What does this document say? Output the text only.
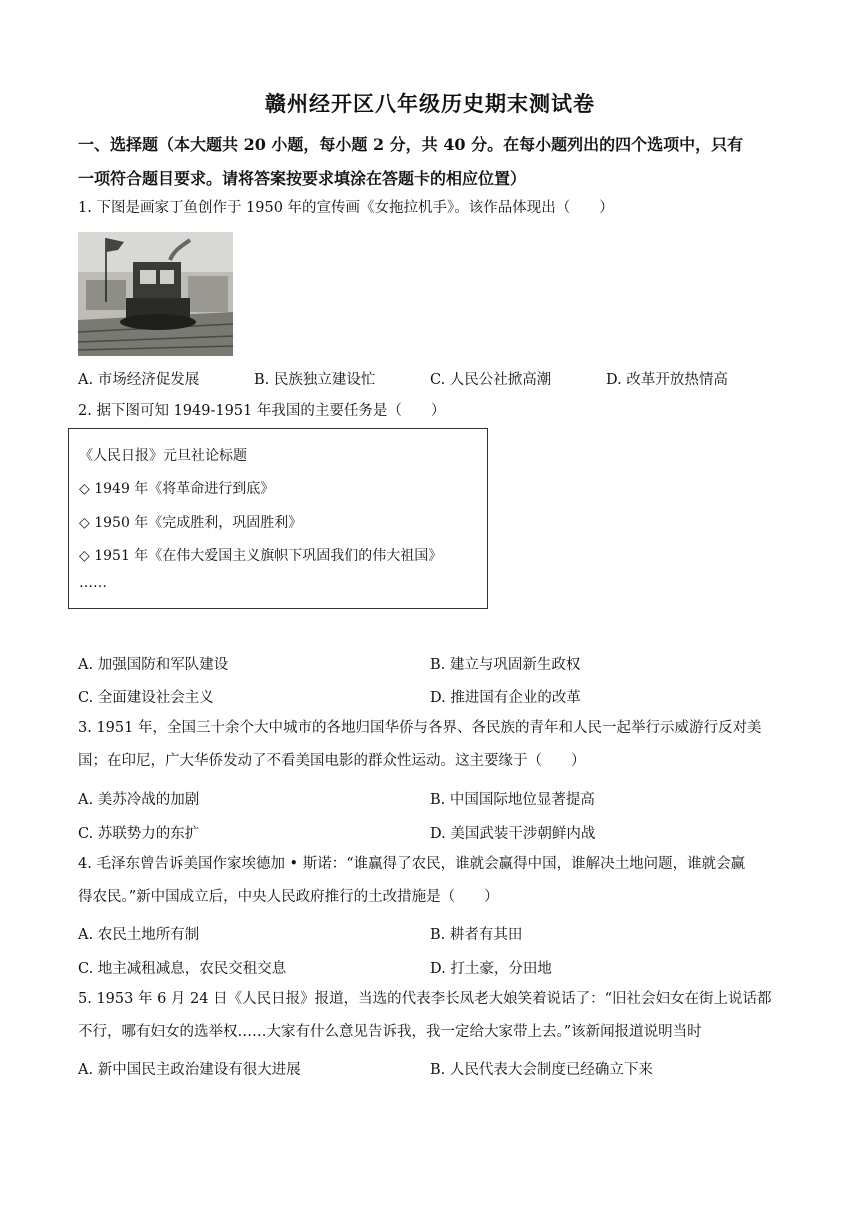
赣州经开区八年级历史期末测试卷
一、选择题（本大题共 20 小题，每小题 2 分，共 40 分。在每小题列出的四个选项中，只有
一项符合题目要求。请将答案按要求填涂在答题卡的相应位置）
1. 下图是画家丁鱼创作于 1950 年的宣传画《女拖拉机手》。该作品体现出（　　）
A. 市场经济促发展	B. 民族独立建设忙	C. 人民公社掀高潮	D. 改革开放热情高
2. 据下图可知 1949-1951 年我国的主要任务是（　　）
《人民日报》元旦社论标题
◇ 1949 年《将革命进行到底》
◇ 1950 年《完成胜利，巩固胜利》
◇ 1951 年《在伟大爱国主义旗帜下巩固我们的伟大祖国》
……
A. 加强国防和军队建设	B. 建立与巩固新生政权
C. 全面建设社会主义	D. 推进国有企业的改革
3. 1951 年，全国三十余个大中城市的各地归国华侨与各界、各民族的青年和人民一起举行示威游行反对美
国；在印尼，广大华侨发动了不看美国电影的群众性运动。这主要缘于（　　）
A. 美苏冷战的加剧	B. 中国国际地位显著提高
C. 苏联势力的东扩	D. 美国武装干涉朝鲜内战
4. 毛泽东曾告诉美国作家埃德加 • 斯诺：“谁赢得了农民，谁就会赢得中国，谁解决土地问题，谁就会赢
得农民。”新中国成立后，中央人民政府推行的土改措施是（　　）
A. 农民土地所有制	B. 耕者有其田
C. 地主减租减息，农民交租交息	D. 打土豪，分田地
5. 1953 年 6 月 24 日《人民日报》报道，当选的代表李长凤老大娘笑着说话了：“旧社会妇女在街上说话都
不行，哪有妇女的选举权……大家有什么意见告诉我，我一定给大家带上去。”该新闻报道说明当时
A. 新中国民主政治建设有很大进展	B. 人民代表大会制度已经确立下来
